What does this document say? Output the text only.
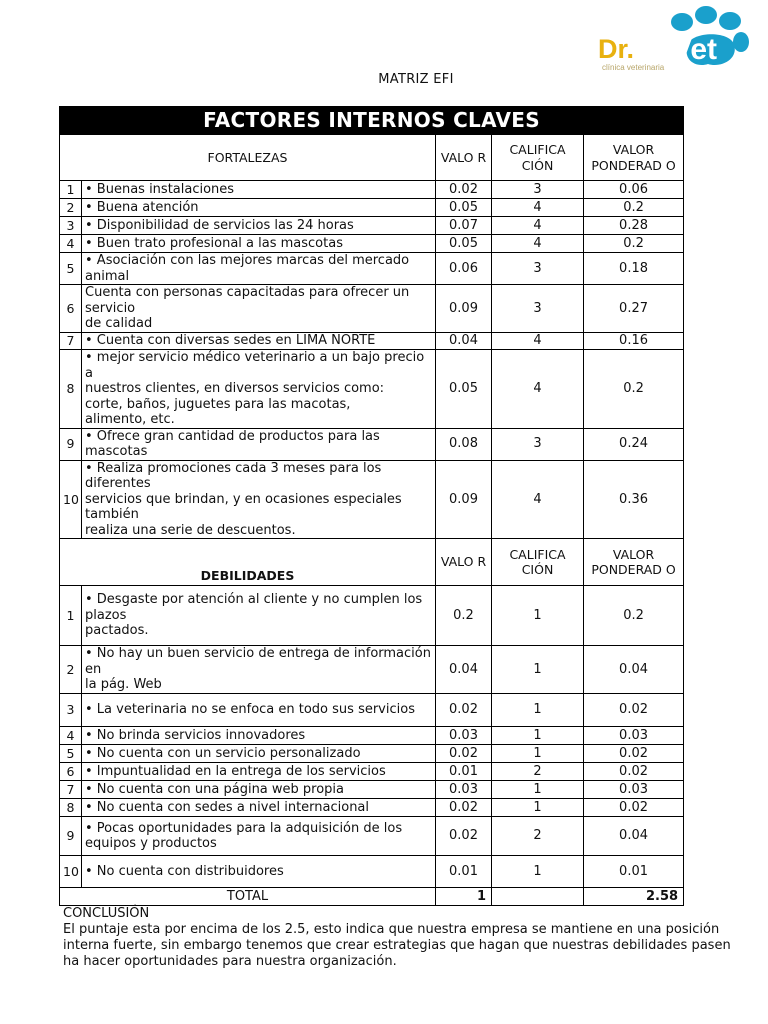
Dr. Vet
clínica veterinaria
MATRIZ EFI
FACTORES INTERNOS CLAVES				
FORTALEZAS		VALO R	CALIFICA CIÓN	VALOR PONDERAD O
1	• Buenas instalaciones	0.02	3	0.06
2	• Buena atención	0.05	4	0.2
3	• Disponibilidad de servicios las 24 horas	0.07	4	0.28
4	• Buen trato profesional a las mascotas	0.05	4	0.2
5	• Asociación con las mejores marcas del mercado animal	0.06	3	0.18
6	Cuenta con personas capacitadas para ofrecer un servicio
de calidad	0.09	3	0.27
7	• Cuenta con diversas sedes en LIMA NORTE	0.04	4	0.16
8	• mejor servicio médico veterinario a un bajo precio a
nuestros clientes, en diversos servicios como:
corte, baños, juguetes para las macotas,
alimento, etc.	0.05	4	0.2
9	• Ofrece gran cantidad de productos para las mascotas	0.08	3	0.24
10	• Realiza promociones cada 3 meses para los diferentes
servicios que brindan, y en ocasiones especiales también
realiza una serie de descuentos.	0.09	4	0.36
DEBILIDADES		VALO R	CALIFICA CIÓN	VALOR PONDERAD O
1	• Desgaste por atención al cliente y no cumplen los plazos
pactados.	0.2	1	0.2
2	• No hay un buen servicio de entrega de información en
la pág. Web	0.04	1	0.04
3	• La veterinaria no se enfoca en todo sus servicios	0.02	1	0.02
4	• No brinda servicios innovadores	0.03	1	0.03
5	• No cuenta con un servicio personalizado	0.02	1	0.02
6	• Impuntualidad en la entrega de los servicios	0.01	2	0.02
7	• No cuenta con una página web propia	0.03	1	0.03
8	• No cuenta con sedes a nivel internacional	0.02	1	0.02
9	• Pocas oportunidades para la adquisición de los equipos y productos	0.02	2	0.04
10	• No cuenta con distribuidores	0.01	1	0.01
TOTAL		1		2.58

CONCLUSIÓN

El puntaje esta por encima de los 2.5, esto indica que nuestra empresa se mantiene en una posición interna fuerte, sin embargo tenemos que crear estrategias que hagan que nuestras debilidades pasen ha hacer oportunidades para nuestra organización.
